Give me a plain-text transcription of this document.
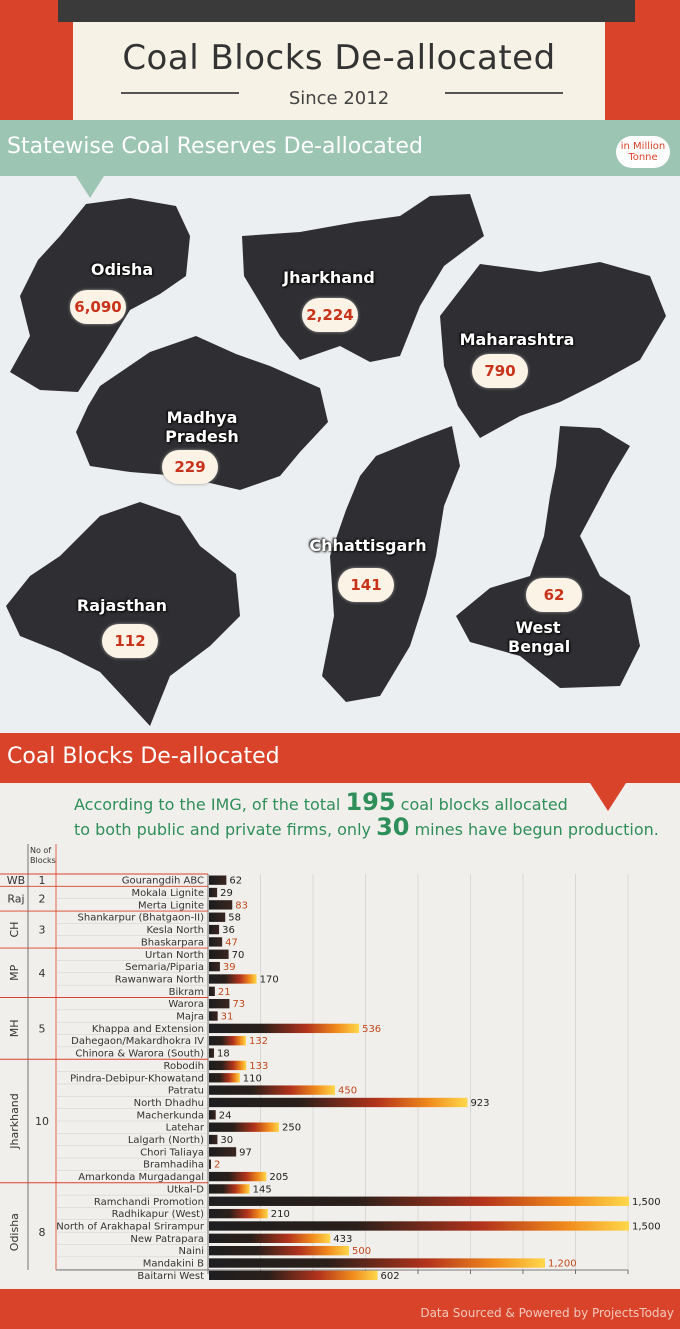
Coal Blocks De-allocated
Since 2012
Statewise Coal Reserves De-allocated	in Million
Tonne
Odisha
6,090
Jharkhand
2,224
Maharashtra
790
Madhya Pradesh
229
Chhattisgarh
141
Rajasthan
112
62
West Bengal
Coal Blocks De-allocated
According to the IMG, of the total 195 coal blocks allocated
to both public and private firms, only 30 mines have begun production.
No of
Blocks
WB 1	Gourangdih ABC	62
Raj 2	Mokala Lignite 29
Merta Lignite	83
CH 3
Shankarpur (Bhatgaon-II) 58
Kesla North 36
Bhaskarpara 47
MP 4
Urtan North	70
Semaria/Piparia 39
Rawanwara North	170
Bikram 21
MH 5
Warora	73
Majra 31
Khappa and Extension	536
Dahegaon/Makardhokra IV	132
Chinora & Warora (South) 18
Jharkhand 10
Robodih	133
Pindra-Debipur-Khowatand	110
Patratu	450
North Dhadhu	923
Macherkunda 24
Latehar	250
Lalgarh (North) 30
Chori Taliaya	97
Bramhadiha 2
Amarkonda Murgadangal	205
Odisha 8
Utkal-D	145
Ramchandi Promotion	1,500
Radhikapur (West)	210
North of Arakhapal Srirampur	1,500
New Patrapara	433
Naini	500
Mandakini B	1,200
Baitarni West	602
Data Sourced & Powered by ProjectsToday
